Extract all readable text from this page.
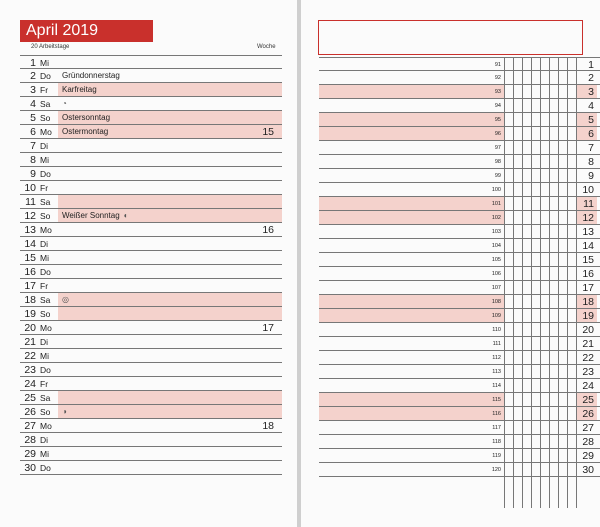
April 2019
20 Arbeitstage	Woche
1 Mi
2 Do Gründonnerstag
3 Fr Karfreitag
4 Sa ◔
5 So Ostersonntag
6 Mo Ostermontag	15
7 Di
8 Mi
9 Do
10 Fr
11 Sa
12 So Weißer Sonntag ◐
13 Mo	16
14 Di
15 Mi
16 Do
17 Fr
18 Sa ◎
19 So
20 Mo	17
21 Di
22 Mi
23 Do
24 Fr
25 Sa
26 So ◑
27 Mo	18
28 Di
29 Mi
30 Do
91	1
92	2
93	3
94	4
95	5
96	6
97	7
98	8
99	9
100	10
101	11
102	12
103	13
104	14
105	15
106	16
107	17
108	18
109	19
110	20
111	21
112	22
113	23
114	24
115	25
116	26
117	27
118	28
119	29
120	30
